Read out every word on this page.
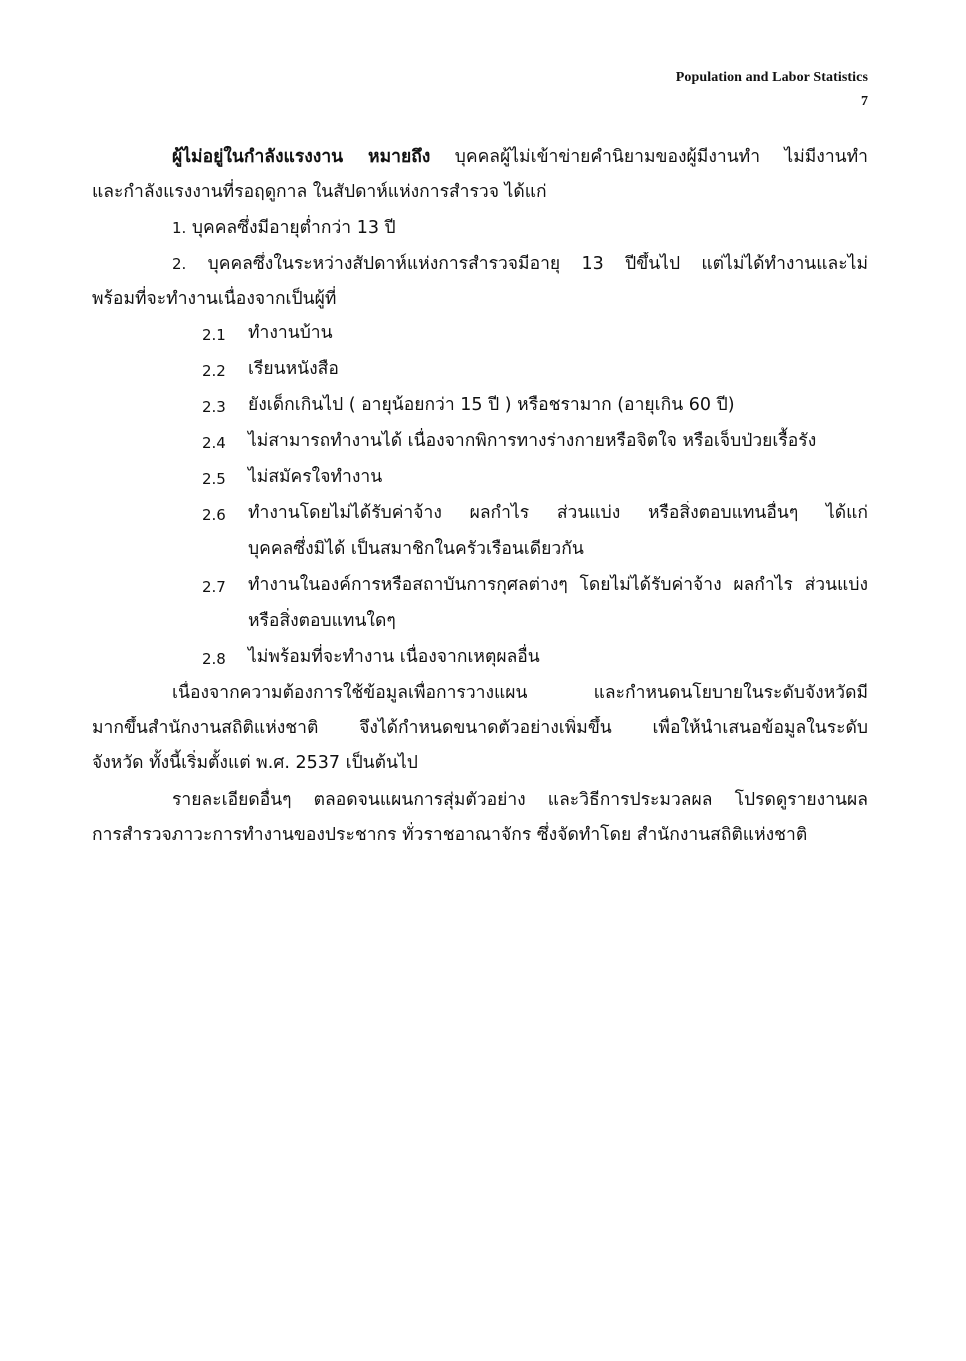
Population and Labor Statistics
7
ผู้ไม่อยู่ในกำลังแรงงาน หมายถึง บุคคลผู้ไม่เข้าข่ายคำนิยามของผู้มีงานทำ ไม่มีงานทำ
และกำลังแรงงานที่รอฤดูกาล ในสัปดาห์แห่งการสำรวจ ได้แก่
1. บุคคลซึ่งมีอายุต่ำกว่า 13 ปี
2. บุคคลซึ่งในระหว่างสัปดาห์แห่งการสำรวจมีอายุ 13 ปีขึ้นไป แต่ไม่ได้ทำงานและไม่
พร้อมที่จะทำงานเนื่องจากเป็นผู้ที่
2.1 ทำงานบ้าน
2.2 เรียนหนังสือ
2.3 ยังเด็กเกินไป ( อายุน้อยกว่า 15 ปี ) หรือชรามาก (อายุเกิน 60 ปี)
2.4 ไม่สามารถทำงานได้ เนื่องจากพิการทางร่างกายหรือจิตใจ หรือเจ็บป่วยเรื้อรัง
2.5 ไม่สมัครใจทำงาน
2.6 ทำงานโดยไม่ได้รับค่าจ้าง ผลกำไร ส่วนแบ่ง หรือสิ่งตอบแทนอื่นๆ ได้แก่
บุคคลซึ่งมิได้ เป็นสมาชิกในครัวเรือนเดียวกัน
2.7 ทำงานในองค์การหรือสถาบันการกุศลต่างๆ โดยไม่ได้รับค่าจ้าง ผลกำไร ส่วนแบ่ง
หรือสิ่งตอบแทนใดๆ
2.8 ไม่พร้อมที่จะทำงาน เนื่องจากเหตุผลอื่น
เนื่องจากความต้องการใช้ข้อมูลเพื่อการวางแผน และกำหนดนโยบายในระดับจังหวัดมี
มากขึ้นสำนักงานสถิติแห่งชาติ จึงได้กำหนดขนาดตัวอย่างเพิ่มขึ้น เพื่อให้นำเสนอข้อมูลในระดับ
จังหวัด ทั้งนี้เริ่มตั้งแต่ พ.ศ. 2537 เป็นต้นไป
รายละเอียดอื่นๆ ตลอดจนแผนการสุ่มตัวอย่าง และวิธีการประมวลผล โปรดดูรายงานผล
การสำรวจภาวะการทำงานของประชากร ทั่วราชอาณาจักร ซึ่งจัดทำโดย สำนักงานสถิติแห่งชาติ
